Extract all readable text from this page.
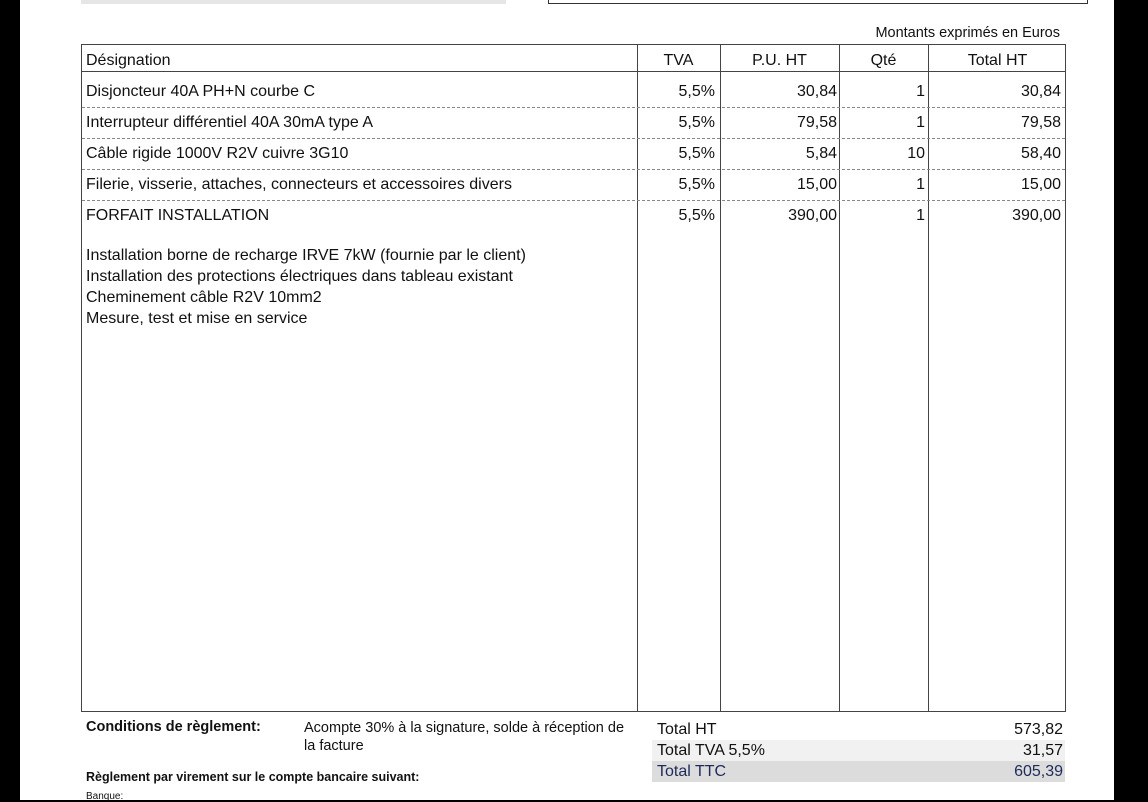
Montants exprimés en Euros
Désignation	TVA	P.U. HT	Qté	Total HT
Disjoncteur 40A PH+N courbe C	5,5%	30,84	1	30,84
Interrupteur différentiel 40A 30mA type A	5,5%	79,58	1	79,58
Câble rigide 1000V R2V cuivre 3G10	5,5%	5,84	10	58,40
Filerie, visserie, attaches, connecteurs et accessoires divers	5,5%	15,00	1	15,00
FORFAIT INSTALLATION	5,5%	390,00	1	390,00
Installation borne de recharge IRVE 7kW (fournie par le client)
Installation des protections électriques dans tableau existant
Cheminement câble R2V 10mm2
Mesure, test et mise en service
Conditions de règlement:	Acompte 30% à la signature, solde à réception de la facture
Total HT	573,82
Total TVA 5,5%	31,57
Total TTC	605,39
Règlement par virement sur le compte bancaire suivant:
Banque:
